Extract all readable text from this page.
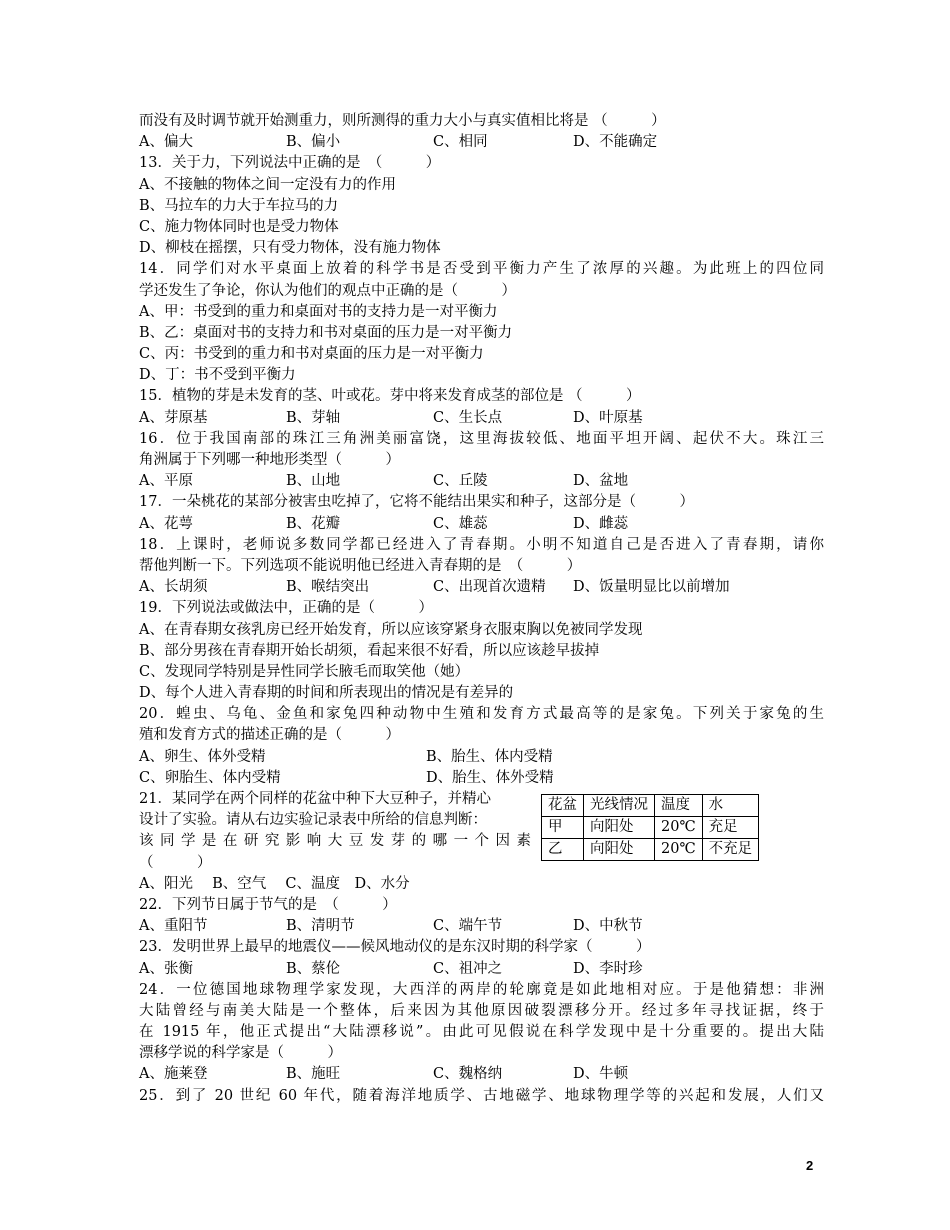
而没有及时调节就开始测重力，则所测得的重力大小与真实值相比将是 （　　　）
A、偏大	B、偏小	C、相同	D、不能确定
13．关于力，下列说法中正确的是　（　　　）
A、不接触的物体之间一定没有力的作用
B、马拉车的力大于车拉马的力
C、施力物体同时也是受力物体
D、柳枝在摇摆，只有受力物体，没有施力物体
14．同学们对水平桌面上放着的科学书是否受到平衡力产生了浓厚的兴趣。为此班上的四位同
学还发生了争论，你认为他们的观点中正确的是（　　　）
A、甲：书受到的重力和桌面对书的支持力是一对平衡力
B、乙：桌面对书的支持力和书对桌面的压力是一对平衡力
C、丙：书受到的重力和书对桌面的压力是一对平衡力
D、丁：书不受到平衡力
15．植物的芽是未发育的茎、叶或花。芽中将来发育成茎的部位是 （　　　）
A、芽原基	B、芽轴	C、生长点	D、叶原基
16．位于我国南部的珠江三角洲美丽富饶，这里海拔较低、地面平坦开阔、起伏不大。珠江三
角洲属于下列哪一种地形类型（　　　）
A、平原	B、山地	C、丘陵	D、盆地
17．一朵桃花的某部分被害虫吃掉了，它将不能结出果实和种子，这部分是（　　　）
A、花萼	B、花瓣	C、雄蕊	D、雌蕊
18．上课时，老师说多数同学都已经进入了青春期。小明不知道自己是否进入了青春期，请你
帮他判断一下。下列选项不能说明他已经进入青春期的是　（　　　）
A、长胡须	B、喉结突出	C、出现首次遗精	D、饭量明显比以前增加
19．下列说法或做法中，正确的是（　　　）
A、在青春期女孩乳房已经开始发育，所以应该穿紧身衣服束胸以免被同学发现
B、部分男孩在青春期开始长胡须，看起来很不好看，所以应该趁早拔掉
C、发现同学特别是异性同学长腋毛而取笑他（她）
D、每个人进入青春期的时间和所表现出的情况是有差异的
20．蝗虫、乌龟、金鱼和家兔四种动物中生殖和发育方式最高等的是家兔。下列关于家兔的生
殖和发育方式的描述正确的是（　　　）
A、卵生、体外受精	B、胎生、体内受精
C、卵胎生、体内受精	D、胎生、体外受精
21．某同学在两个同样的花盆中种下大豆种子，并精心
设计了实验。请从右边实验记录表中所给的信息判断：
该同学是在研究影响大豆发芽的哪一个因素
（　　　）
A、阳光　 B、空气　 C、温度　D、水分
22．下列节日属于节气的是　（　　　）
A、重阳节	B、清明节	C、端午节	D、中秋节
23．发明世界上最早的地震仪——候风地动仪的是东汉时期的科学家（　　　）
A、张衡	B、蔡伦	C、祖冲之	D、李时珍
24．一位德国地球物理学家发现，大西洋的两岸的轮廓竟是如此地相对应。于是他猜想：非洲
大陆曾经与南美大陆是一个整体，后来因为其他原因破裂漂移分开。经过多年寻找证据，终于
在 1915 年，他正式提出“大陆漂移说”。由此可见假说在科学发现中是十分重要的。提出大陆
漂移学说的科学家是（　　　）
A、施莱登	B、施旺	C、魏格纳	D、牛顿
25．到了 20 世纪 60 年代，随着海洋地质学、古地磁学、地球物理学等的兴起和发展，人们又
花盆	光线情况	温度	水
甲	向阳处	20℃	充足
乙	向阳处	20℃	不充足
2
